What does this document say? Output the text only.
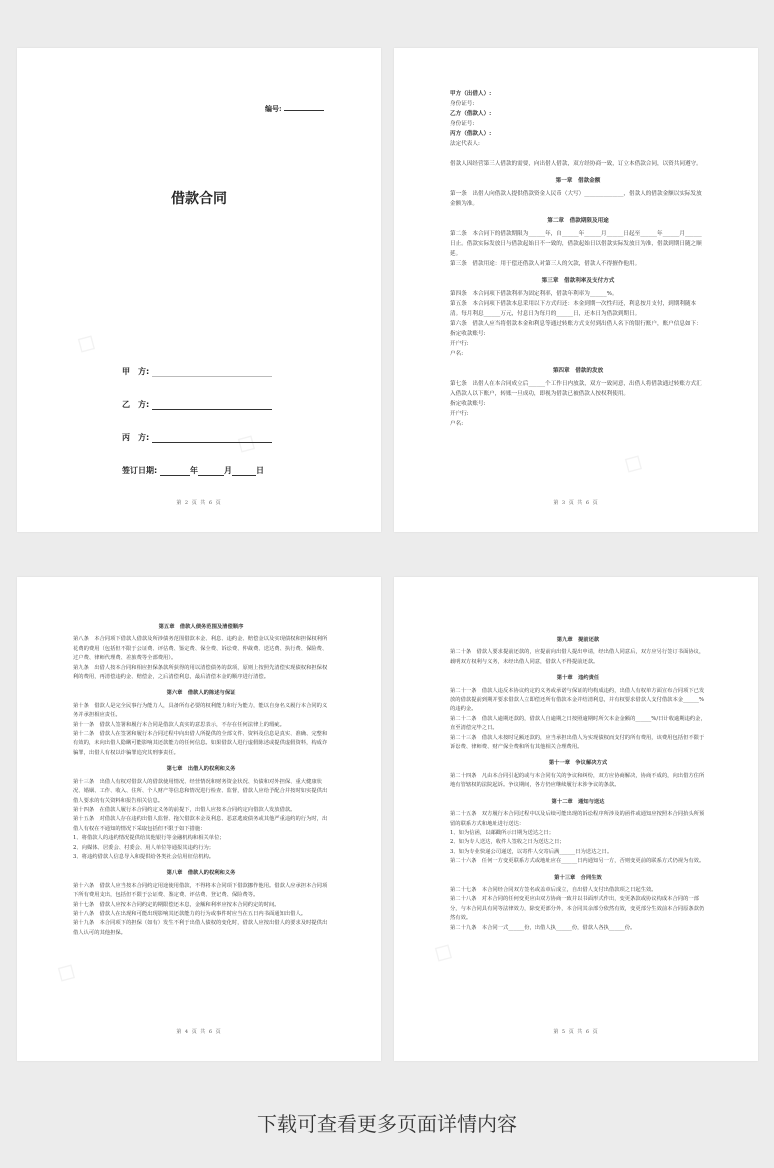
◇
◇
编号:
借款合同
甲　方:
乙　方:
丙　方:
签订日期:	年	月	日
第 2 页 共 6 页
◇

甲方（出借人）:

身份证号:

乙方（借款人）:

身份证号:

丙方（借款人）:

法定代表人:

借款人因经营第三人借款的需要，向出借人借款，双方经协商一致，订立本借款合同，以资共同遵守。

第一章　借款金额

第一条　出借人向借款人提供借款资金人民币（大写）______________，借款人的借款金额以实际发放金额为准。

第二章　借款期限及用途

第二条　本合同下的借款期限为______年，自______年______月______日起至______年______月______日止。借款实际发放日与借款起始日不一致的，借款起始日以借款实际发放日为准，借款到期日随之顺延。

第三条　借款用途：用于偿还借款人对第三人的欠款，借款人不得擅作他用。

第三章　借款利率及支付方式

第四条　本合同项下借款利率为固定利率，借款年利率为______%。

第五条　本合同项下借款本息采用以下方式归还：本金到期一次性归还，利息按月支付，到期利随本清。每月利息______万元，付息日为每月的______日，还本日为借款到期日。

第六条　借款人应当将借款本金和利息等通过转账方式支付到出借人名下的银行账户，账户信息如下：

指定收款账号:

开户行:

户名:

第四章　借款的发放

第七条　出借人在本合同成立后______个工作日内放款，双方一致同意，出借人将借款通过转账方式汇入借款人以下账户，转账一旦成功，即视为借款已被借款人按权利使用。

指定收款账号:

开户行:

户名:

第 3 页 共 6 页
◇

第五章　借款人债务范围及清偿顺序

第八条　本合同项下借款人借款及所涉债务范围借款本金、利息、违约金、赔偿金以及实现债权和担保权利所花费的费用（包括但不限于公证费、评估费、鉴定费、保全费、诉讼费、仲裁费、送达费、执行费、保险费、过户费、律师代理费、差旅费等全部费用）。

第九条　出借人按本合同和相应担保条款所获得的用以清偿债务的款项，原则上按照先清偿实现债权和担保权利的费用，再清偿违约金、赔偿金，之后清偿利息，最后清偿本金的顺序进行清偿。

第六章　借款人的陈述与保证

第十条　借款人是完全民事行为能力人，具备所有必要的权利能力和行为能力，能以自身名义履行本合同的义务并承担相应责任。

第十一条　借款人签署和履行本合同是借款人真实的意思表示，不存在任何法律上的瑕疵。

第十二条　借款人在签署和履行本合同过程中向出借人所提供的全部文件、资料及信息是真实、准确、完整和有效的，未向出借人隐瞒可能影响其还款能力的任何信息。如果借款人进行虚假陈述或提供虚假资料，构成诈骗罪，出借人有权以诈骗罪追究其刑事责任。

第七章　出借人的权利和义务

第十三条　出借人有权对借款人的借款使用情况、经营情况和财务资金状况、负债和对外担保、重大健康状况、婚姻、工作、收入、住所、个人财产等信息和情况进行检查、监督，借款人应给予配合并按时如实提供出借人要求的有关资料和报告相关信息。

第十四条　在借款人履行本合同约定义务的前提下，出借人应按本合同约定向借款人发放借款。

第十五条　对借款人存在违约出借人监督、拖欠借款本金及利息、恶意逃废债务或其他严重违约的行为时，出借人有权在不通知的情况下采取包括但不限于如下措施：

1、将借款人的违约情况提供给其他银行等金融机构和相关单位；

2、向媒体、居委会、村委会、用人单位等通报其违约行为；

3、将违约借款人信息导入和提供给各类社会信用征信机构。

第八章　借款人的权利和义务

第十六条　借款人应当按本合同约定用途使用借款，不得将本合同项下借款挪作他用。借款人应承担本合同项下所有费用支出，包括但不限于公证费、鉴定费、评估费、登记费、保险费等。

第十七条　借款人应按本合同约定的期限偿还本息，金额和利率应按本合同约定的时间。

第十八条　借款人在出现和可能出现影响其还款能力的行为或事件时应当在五日内书面通知出借人。

第十九条　本合同项下的担保（如有）发生不利于出借人债权的变化时，借款人应按出借人的要求及时提供出借人认可的其他担保。

第 4 页 共 6 页
◇

第九章　提前还款

第二十条　借款人要求提前还款的，应提前向出借人提出申请，经出借人同意后，双方应另行签订书面协议，载明双方权利与义务，未经出借人同意，借款人不得提前还款。

第十章　违约责任

第二十一条　借款人违反本协议约定的义务或承诺与保证的均构成违约，出借人有权单方面宣布合同项下已发放的借款提前到期并要求借款人立即偿还所有借款本金并结清利息，并有权要求借款人支付借款本金______%的违约金。

第二十二条　借款人逾期还款的，借款人自逾期之日按照逾期时所欠本金金额的______%/日计收逾期违约金，直至清偿完毕之日。

第二十三条　借款人未按时足额还款的，应当承担出借人为实现债权而支付的所有费用，该费用包括但不限于诉讼费、律师费、财产保全费和所有其他相关合理费用。

第十一章　争议解决方式

第二十四条　凡由本合同引起的或与本合同有关的争议和纠纷，双方应协商解决，协商不成的，向出借方住所地有管辖权的法院起诉。争议期间，各方仍应继续履行未涉争议的条款。

第十二章　通知与送达

第二十五条　双方履行本合同过程中以及后续可能出现的诉讼程序所涉及的函件或通知应按照本合同抬头所预留的联系方式和地址进行送达：

1、如为信函，以邮戳所示日期为送达之日；

2、如为专人送达，收件人签收之日为送达之日；

3、如为专业快递公司递送，以寄件人交寄后满______日为送达之日。

第二十六条　任何一方变更联系方式或地址应在______日内通知另一方，否则变更前的联系方式仍视为有效。

第十三章　合同生效

第二十七条　本合同经合同双方签名或盖章后成立，自出借人支付出借款项之日起生效。

第二十八条　对本合同的任何变更应由双方协商一致并以书面形式作出，变更条款或协议构成本合同的一部分，与本合同具有同等法律效力，除变更部分外，本合同其余部分依然有效，变更部分生效前本合同原条款仍然有效。

第二十九条　本合同一式______份，出借人执______份，借款人各执______份。

第 5 页 共 6 页
下载可查看更多页面详情内容
